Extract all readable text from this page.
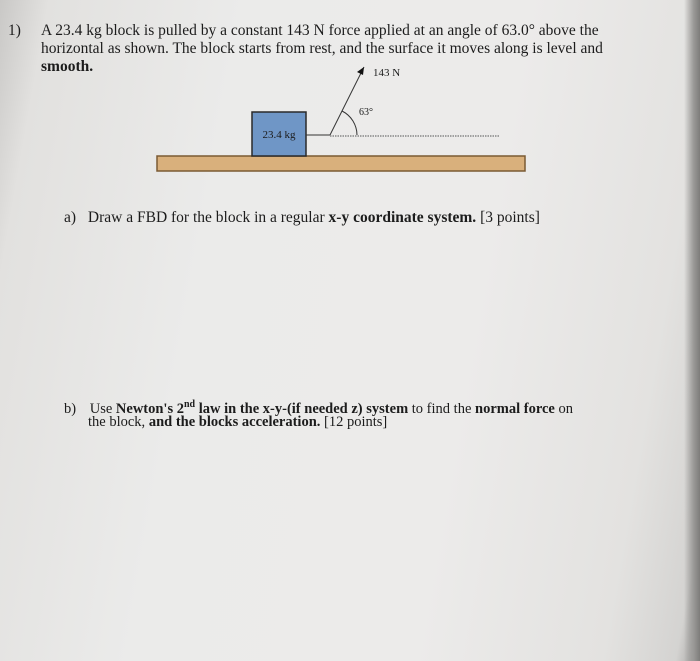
1) A 23.4 kg block is pulled by a constant 143 N force applied at an angle of 63.0° above the
horizontal as shown. The block starts from rest, and the surface it moves along is level and
smooth.
23.4 kg
143 N
63°
a) Draw a FBD for the block in a regular x-y coordinate system. [3 points]
b) Use Newton's 2nd law in the x-y-(if needed z) system to find the normal force on
the block, and the blocks acceleration. [12 points]
